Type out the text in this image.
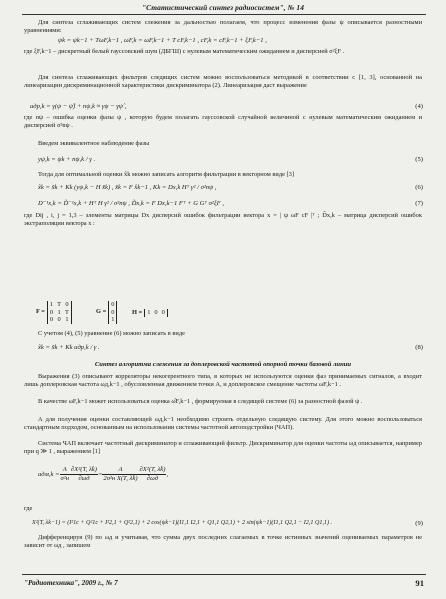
"Статистический синтез радиосистем", № 14
Для синтеза сглаживающих систем слежения за дальностью полагаем, что процесс изменения фазы ψ описывается разностными уравнениями:
ψk = ψk−1 + TωF,k−1 , ωF,k = ωF,k−1 + T cF,k−1 , cF,k = cF,k−1 + ξF,k−1 ,
где ξF,k−1 – дискретный белый гауссовский шум (ДБГШ) с нулевым математическим ожиданием и дисперсией σ²ξF .
Для синтеза сглаживающих фильтров следящих систем можно воспользоваться методикой в соответствии с [1, 3], основанной на линеаризации дискриминационной характеристики дискриминатора (2). Линеаризация даст выражение
uдр,k = γ(ψ − ψ̂) + nψ,k ≈ γψ − γψ̂ ,	(4)
где nψ – ошибка оценки фазы ψ , которую будем полагать гауссовской случайной величиной с нулевым математическим ожиданием и дисперсией σ²nψ .
Введем эквивалентное наблюдение фазы
yψ,k = ψk + nψ,k / γ .	(5)
Тогда для оптимальной оценки x̂k можно записать алгоритм фильтрации в векторном виде [3]
x̂k = x̃k + Kk (yψ,k − H x̃k) , x̃k = F x̂k−1 , Kk = Dx,k Hᵀ γ² / σ²nψ ,	(6)
D⁻¹x,k = D̃⁻¹x,k + Hᵀ H γ² / σ²nψ , D̃x,k = F Dx,k−1 Fᵀ + G Gᵀ σ²ξF ,	(7)
где Dij , i, j = 1,3 – элементы матрицы Dx дисперсий ошибок фильтрации вектора x = | ψ ωF cF |ᵀ ; D̃x,k – матрица дисперсий ошибок экстраполяции вектора x :
F =
1	T	0
0	1	T
0	0	1
G =
0
0
1
H = 1	0	0
С учетом (4), (5) уравнение (6) можно записать в виде
x̂k = x̃k + Kk uдр,k / γ .	(8)
Синтез алгоритма слежения за доплеровской частотой опорной точки базовой линии
Выражения (3) описывают корреляторы некогерентного типа, в которых не используются оценки фаз принимаемых сигналов, а входит лишь доплеровская частота ωд,k−1 , обусловленная движением точки A, и доплеровское смещение частоты ωF,k−1 .
В качестве ωF,k−1 может использоваться оценка ω̂F,k−1 , формируемая в следящей системе (6) за разностной фазой ψ .
А для получения оценки составляющей ωд,k−1 необходимо строить отдельную следящую систему. Для этого можно воспользоваться стандартным подходом, основанным на использовании системы частотной автоподстройки (ЧАП).
Система ЧАП включает частотный дискриминатор и сглаживающий фильтр. Дискриминатор для оценки частоты ωд описывается, например при q ≫ 1 , выражением [1]
$uдм,k = \frac{A}{\text{σ²н}} \frac{\text{∂X²(T, λ̂k)}}{\partial\omega д} = \frac{A}{\text{2σ²н X(T, λ̂k)}} \frac{\text{∂X²(T, λ̂k)}}{\partial\omega д}$ ,
где
X²(T, λk−1) = (I²1c + Q²1c + I²2,1 + Q²2,1) + 2 cos(ψk−1)(I1,1 I2,1 + Q1,1 Q2,1) + 2 sin(ψk−1)(I1,1 Q2,1 − I2,1 Q1,1) .	(9)
Дифференцируя (9) по ωд и учитывая, что сумма двух последних слагаемых в точке истинных значений оцениваемых параметров не зависит от ωд , запишем
"Радиотехника", 2009 г., № 7	91
